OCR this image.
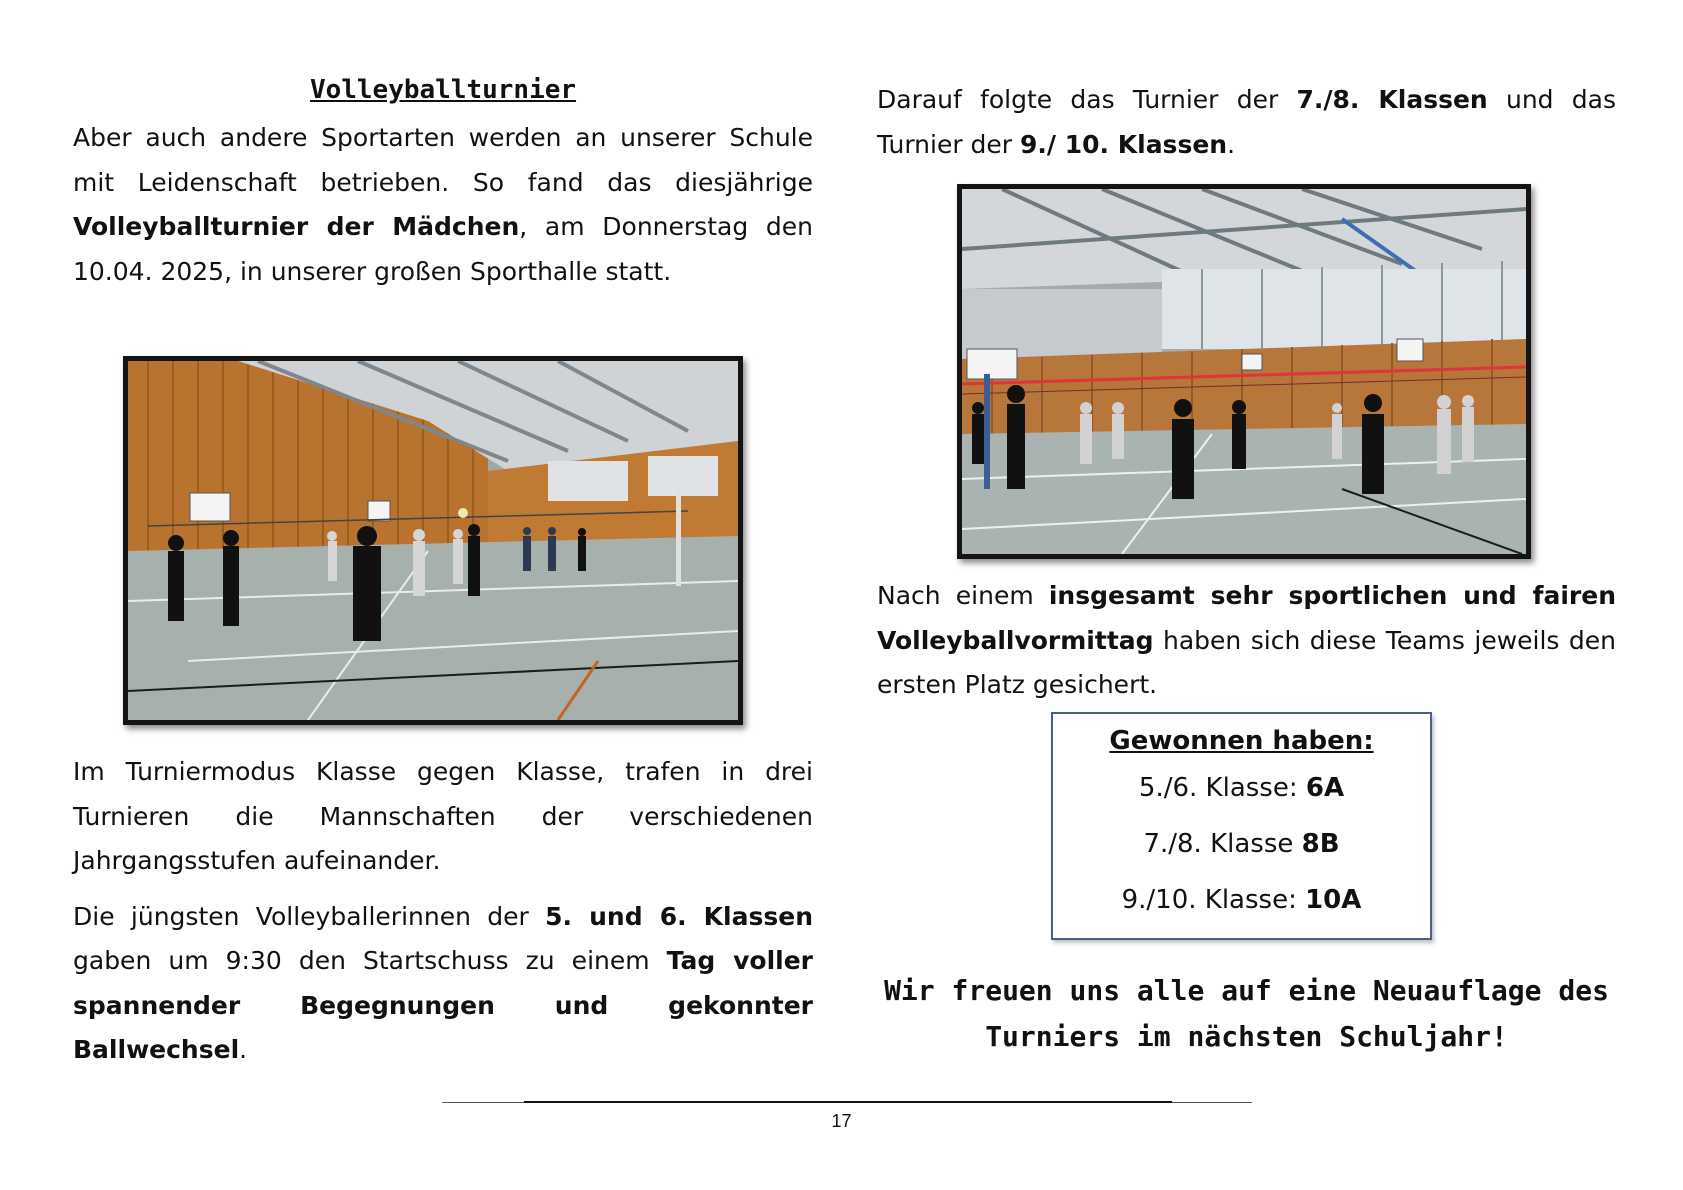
Volleyballturnier

Aber auch andere Sportarten werden an unserer Schule mit Leidenschaft betrieben. So fand das diesjährige Volleyballturnier der Mädchen, am Donnerstag den 10.04. 2025, in unserer großen Sporthalle statt.

Im Turniermodus Klasse gegen Klasse, trafen in drei Turnieren die Mannschaften der verschiedenen Jahrgangsstufen aufeinander.

Die jüngsten Volleyballerinnen der 5. und 6. Klassen gaben um 9:30 den Startschuss zu einem Tag voller spannender Begegnungen und gekonnter Ballwechsel.

Darauf folgte das Turnier der 7./8. Klassen und das Turnier der 9./ 10. Klassen.

Nach einem insgesamt sehr sportlichen und fairen Volleyballvormittag haben sich diese Teams jeweils den ersten Platz gesichert.

Gewonnen haben:
5./6. Klasse: 6A
7./8. Klasse 8B
9./10. Klasse: 10A
Wir freuen uns alle auf eine Neuauflage des Turniers im nächsten Schuljahr!
17
